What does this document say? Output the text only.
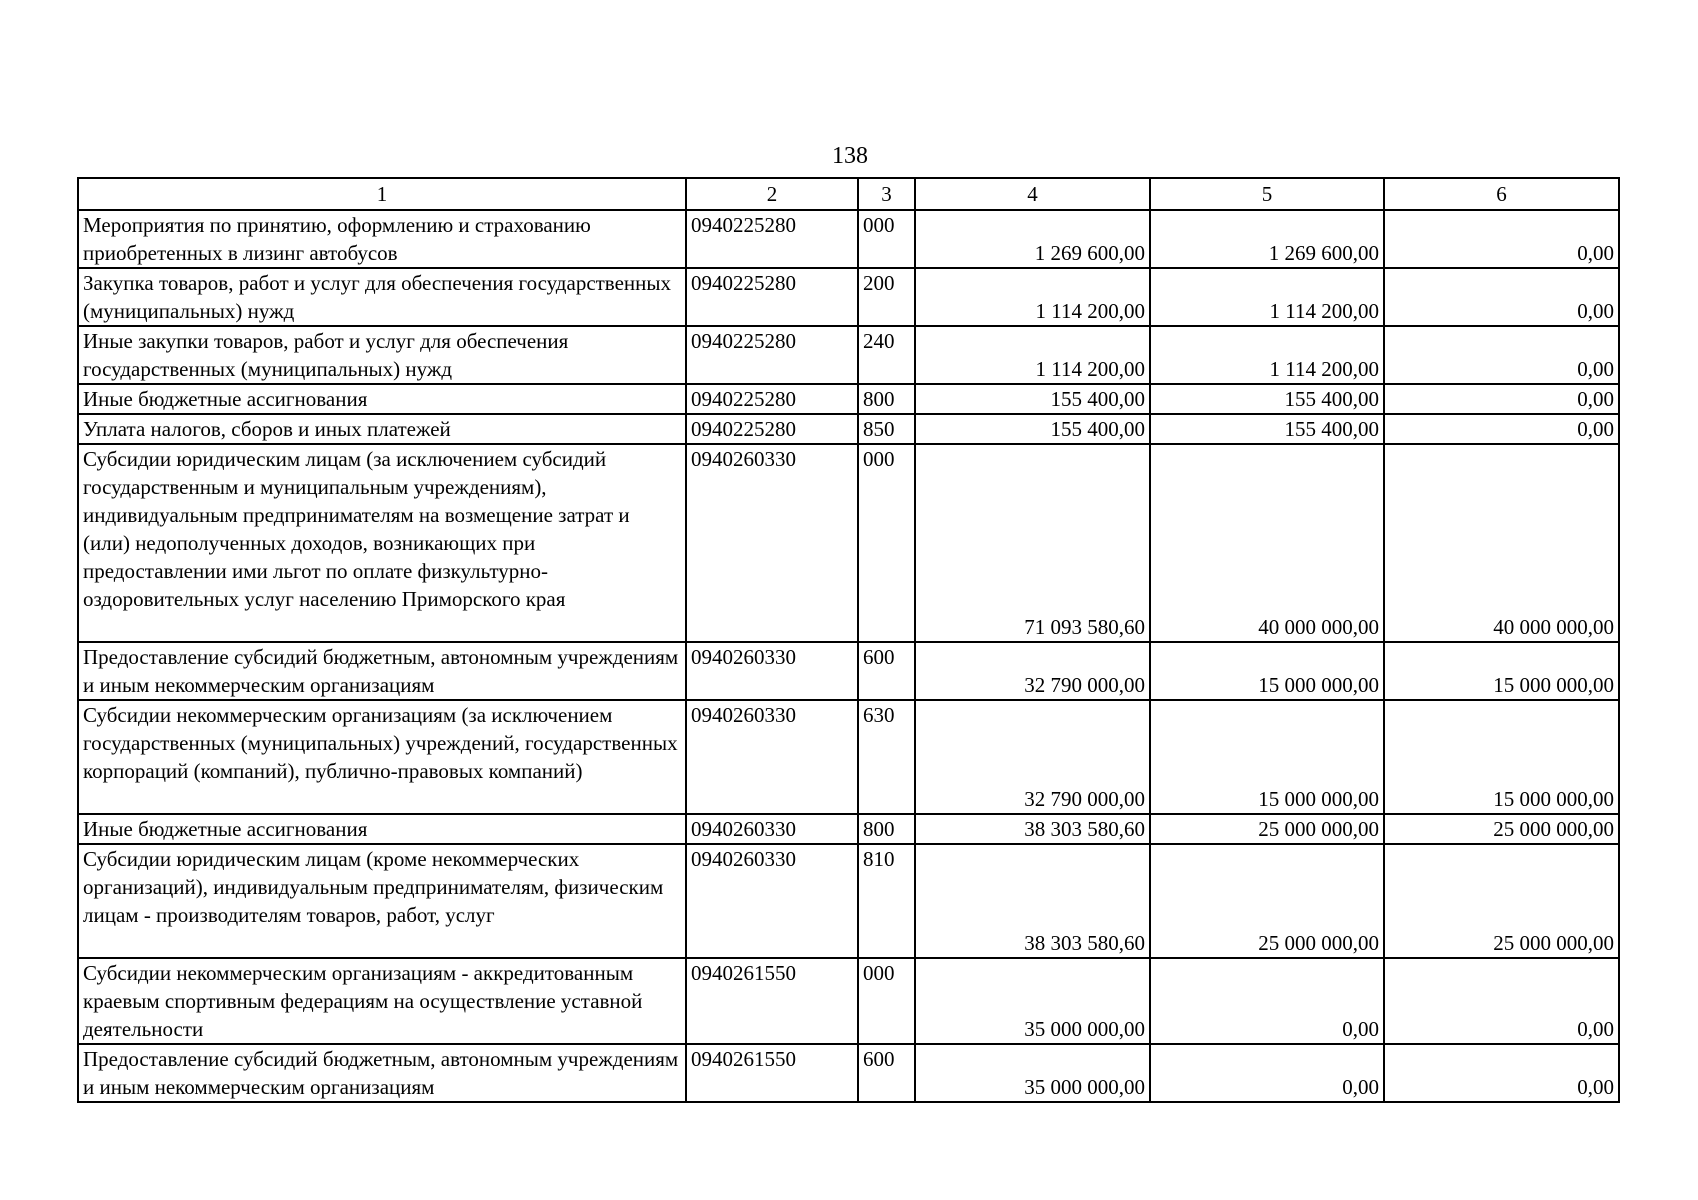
138
1	2	3	4	5	6
Мероприятия по принятию, оформлению и страхованию приобретенных в лизинг автобусов	0940225280	000	1 269 600,00	1 269 600,00	0,00
Закупка товаров, работ и услуг для обеспечения государственных (муниципальных) нужд	0940225280	200	1 114 200,00	1 114 200,00	0,00
Иные закупки товаров, работ и услуг для обеспечения государственных (муниципальных) нужд	0940225280	240	1 114 200,00	1 114 200,00	0,00
Иные бюджетные ассигнования	0940225280	800	155 400,00	155 400,00	0,00
Уплата налогов, сборов и иных платежей	0940225280	850	155 400,00	155 400,00	0,00
Субсидии юридическим лицам (за исключением субсидий государственным и муниципальным учреждениям), индивидуальным предпринимателям на возмещение затрат и (или) недополученных доходов, возникающих при предоставлении ими льгот по оплате физкультурно-оздоровительных услуг населению Приморского края	0940260330	000	71 093 580,60	40 000 000,00	40 000 000,00
Предоставление субсидий бюджетным, автономным учреждениям и иным некоммерческим организациям	0940260330	600	32 790 000,00	15 000 000,00	15 000 000,00
Субсидии некоммерческим организациям (за исключением государственных (муниципальных) учреждений, государственных корпораций (компаний), публично-правовых компаний)	0940260330	630	32 790 000,00	15 000 000,00	15 000 000,00
Иные бюджетные ассигнования	0940260330	800	38 303 580,60	25 000 000,00	25 000 000,00
Субсидии юридическим лицам (кроме некоммерческих организаций), индивидуальным предпринимателям, физическим лицам - производителям товаров, работ, услуг	0940260330	810	38 303 580,60	25 000 000,00	25 000 000,00
Субсидии некоммерческим организациям - аккредитованным краевым спортивным федерациям на осуществление уставной деятельности	0940261550	000	35 000 000,00	0,00	0,00
Предоставление субсидий бюджетным, автономным учреждениям и иным некоммерческим организациям	0940261550	600	35 000 000,00	0,00	0,00
